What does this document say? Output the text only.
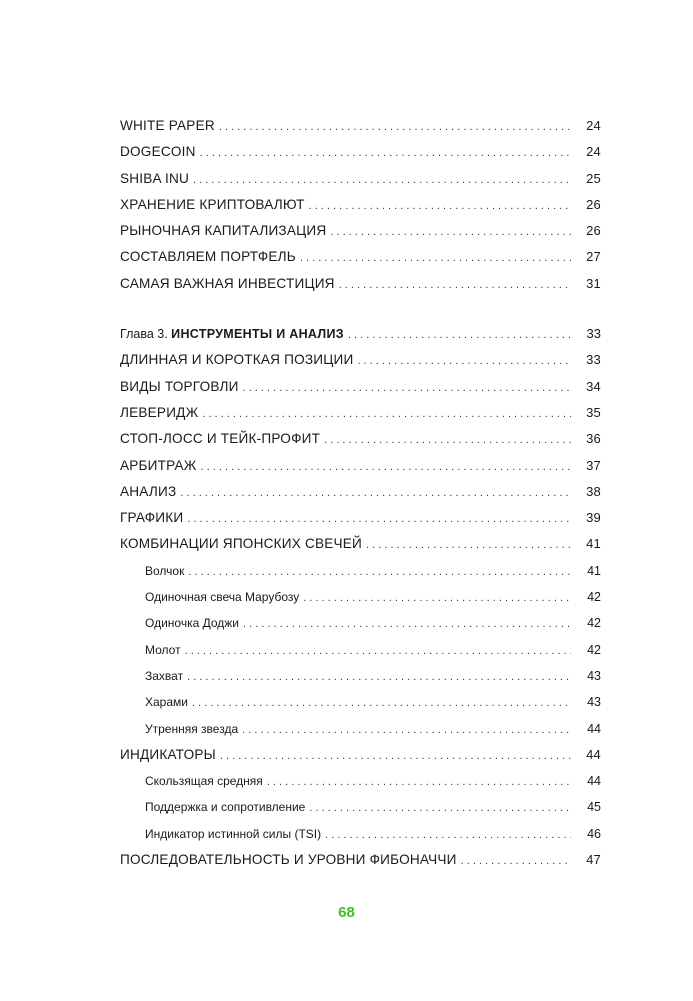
WHITE PAPER . . .	24
DOGECOIN . . .	24
SHIBA INU . . .	25
ХРАНЕНИЕ КРИПТОВАЛЮТ . . .	26
РЫНОЧНАЯ КАПИТАЛИЗАЦИЯ . . .	26
СОСТАВЛЯЕМ ПОРТФЕЛЬ . . .	27
САМАЯ ВАЖНАЯ ИНВЕСТИЦИЯ . . .	31
Глава 3. ИНСТРУМЕНТЫ И АНАЛИЗ . . .	33
ДЛИННАЯ И КОРОТКАЯ ПОЗИЦИИ . . .	33
ВИДЫ ТОРГОВЛИ . . .	34
ЛЕВЕРИДЖ . . .	35
СТОП-ЛОСС И ТЕЙК-ПРОФИТ . . .	36
АРБИТРАЖ . . .	37
АНАЛИЗ . . .	38
ГРАФИКИ . . .	39
КОМБИНАЦИИ ЯПОНСКИХ СВЕЧЕЙ . . .	41
Волчок . . .	41
Одиночная свеча Марубозу . . .	42
Одиночка Доджи . . .	42
Молот . . .	42
Захват . . .	43
Харами . . .	43
Утренняя звезда . . .	44
ИНДИКАТОРЫ . . .	44
Скользящая средняя . . .	44
Поддержка и сопротивление . . .	45
Индикатор истинной силы (TSI) . . .	46
ПОСЛЕДОВАТЕЛЬНОСТЬ И УРОВНИ ФИБОНАЧЧИ . . .	47
68
